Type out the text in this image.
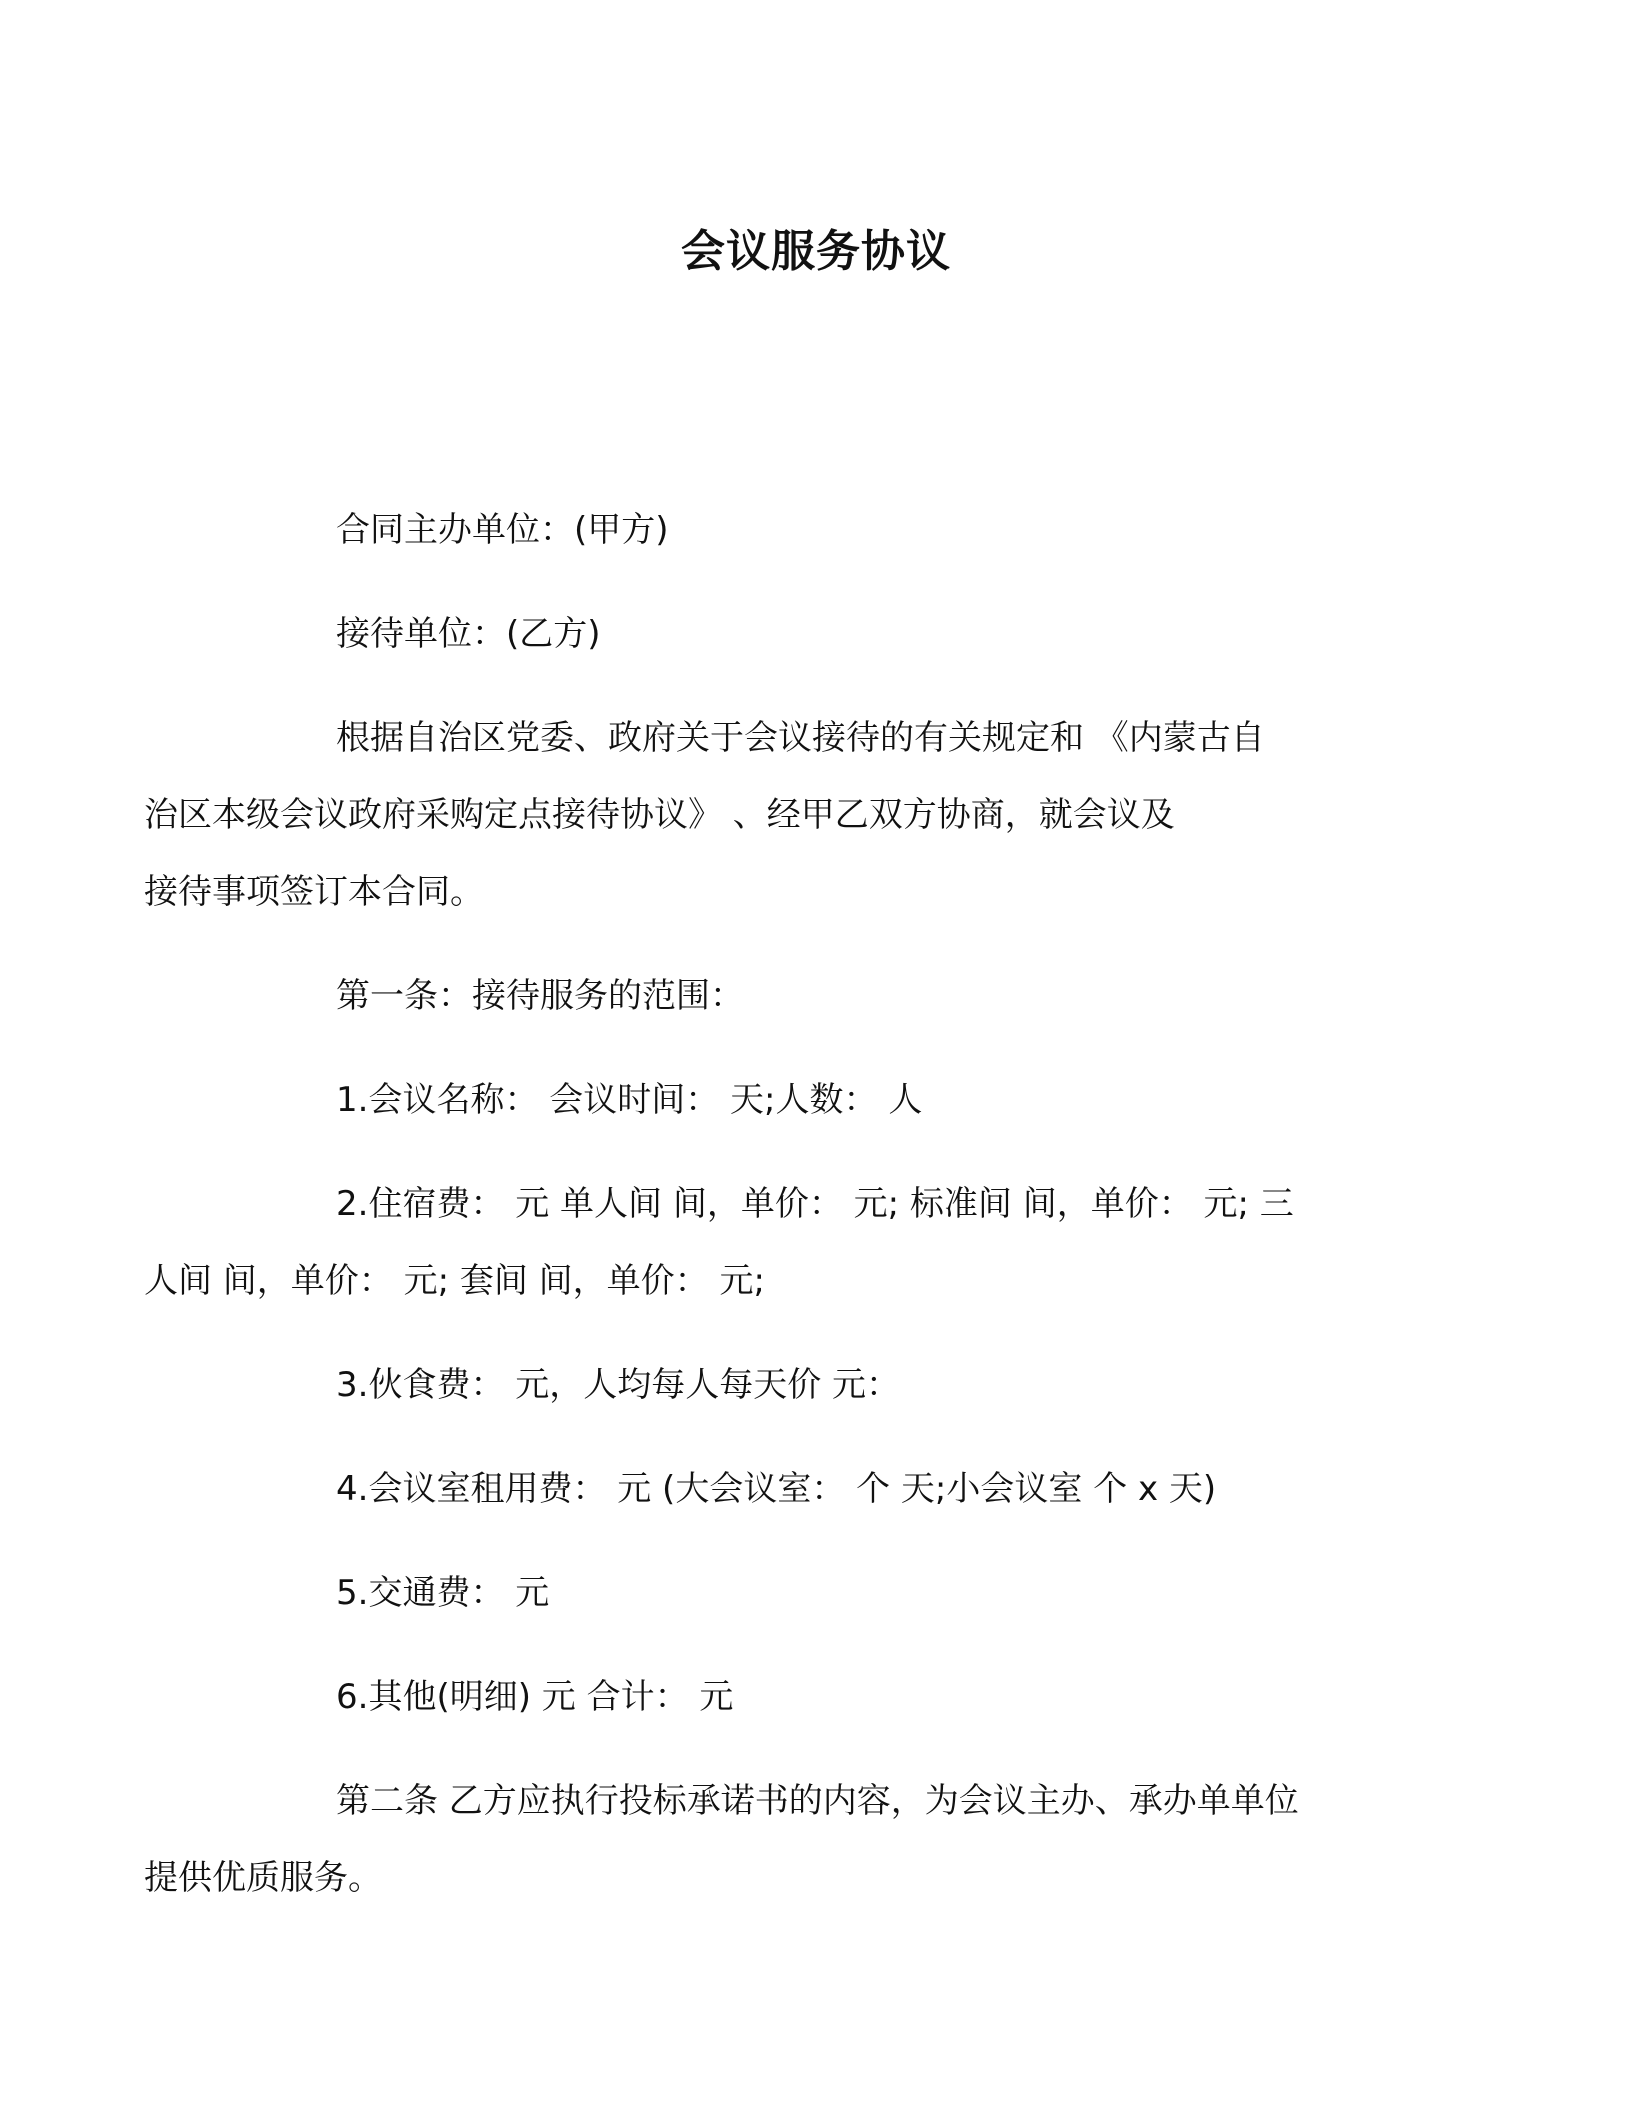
会议服务协议

合同主办单位：(甲方)

接待单位：(乙方)

根据自治区党委、政府关于会议接待的有关规定和 《内蒙古自
治区本级会议政府采购定点接待协议》 、经甲乙双方协商，就会议及
接待事项签订本合同。

第一条：接待服务的范围：

1.会议名称： 会议时间： 天;人数： 人

2.住宿费： 元 单人间 间，单价： 元; 标准间 间，单价： 元; 三
人间 间，单价： 元; 套间 间，单价： 元;

3.伙食费： 元，人均每人每天价 元：

4.会议室租用费： 元 (大会议室： 个 天;小会议室 个 x 天)

5.交通费： 元

6.其他(明细) 元 合计： 元

第二条 乙方应执行投标承诺书的内容，为会议主办、承办单单位
提供优质服务。
